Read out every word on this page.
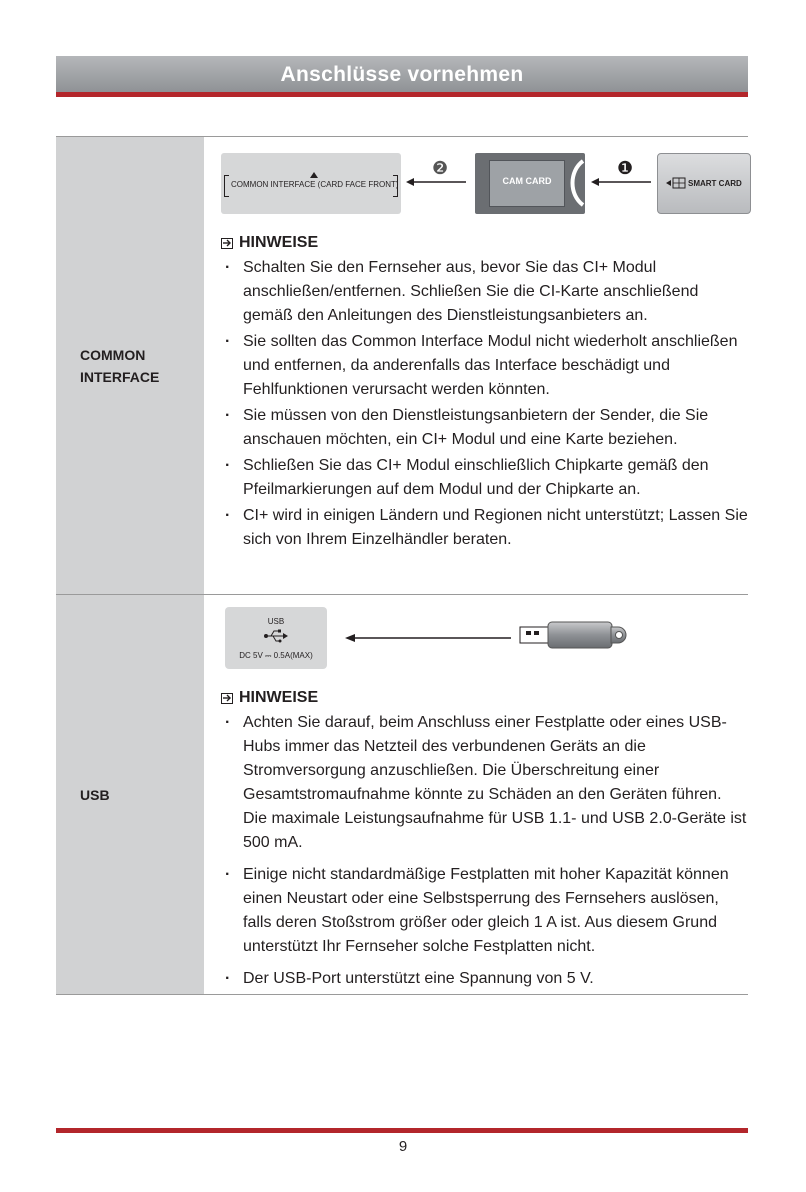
Anschlüsse vornehmen
COMMON
INTERFACE
COMMON INTERFACE (CARD FACE FRONT)
❷
CAM CARD
❶
SMART CARD
HINWEISE
· Schalten Sie den Fernseher aus, bevor Sie das CI+ Modul anschließen/entfernen. Schließen Sie die CI-Karte anschließend gemäß den Anleitungen des Dienstleistungsanbieters an.
· Sie sollten das Common Interface Modul nicht wiederholt anschließen und entfernen, da anderenfalls das Interface beschädigt und Fehlfunktionen verursacht werden könnten.
· Sie müssen von den Dienstleistungsanbietern der Sender, die Sie anschauen möchten, ein CI+ Modul und eine Karte beziehen.
· Schließen Sie das CI+ Modul einschließlich Chipkarte gemäß den Pfeilmarkierungen auf dem Modul und der Chipkarte an.
· CI+ wird in einigen Ländern und Regionen nicht unterstützt; Lassen Sie sich von Ihrem Einzelhändler beraten.
USB
USB
DC 5V ⎓ 0.5A(MAX)
HINWEISE
· Achten Sie darauf, beim Anschluss einer Festplatte oder eines USB-Hubs immer das Netzteil des verbundenen Geräts an die Stromversorgung anzuschließen. Die Überschreitung einer Gesamtstromaufnahme könnte zu Schäden an den Geräten führen. Die maximale Leistungsaufnahme für USB 1.1- und USB 2.0-Geräte ist 500 mA.
· Einige nicht standardmäßige Festplatten mit hoher Kapazität können einen Neustart oder eine Selbstsperrung des Fernsehers auslösen, falls deren Stoßstrom größer oder gleich 1 A ist. Aus diesem Grund unterstützt Ihr Fernseher solche Festplatten nicht.
· Der USB-Port unterstützt eine Spannung von 5 V.
9
